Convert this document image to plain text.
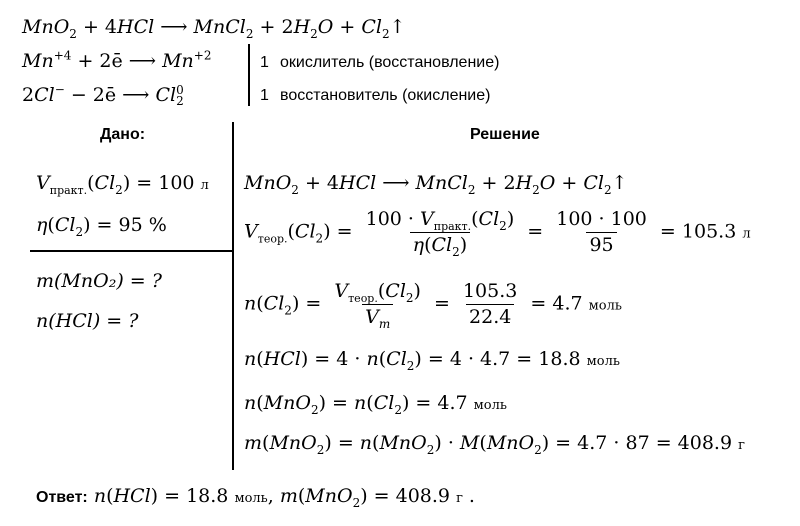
MnO$_2$ + 4HCl ⟶ MnCl$_2$ + $2H_2O$ + $Cl_2↑$
$Mn^{+4}$ + 2ē ⟶ $Mn^{+2}$	1 окислитель (восстановление)
2Cl− − 2ē ⟶ Cl0
2	1 восстановитель (окисление)
Дано:
$V_{практ.}(Cl_2) = 100$ л
$\eta(Cl_2) = 95$ %
m(MnO₂) = ?
n(HCl) = ?
Решение
MnO$_2$ + 4HCl ⟶ MnCl$_2$ + $2H_2O$ + $Cl_2↑$
$V_{теор.}(Cl_2) = \frac{100 \cdot V_{практ.}(Cl_2)}{\eta(Cl_2)} = \frac{100 \cdot 100}{95} = 105.3$ л
$n(Cl_2) = \frac{V_{теор.}(Cl_2)}{V_m} = \frac{105.3}{22.4} = 4.7$ моль
$n(HCl) = 4 \cdot n(Cl_2) = 4 \cdot 4.7 = 18.8$ моль
$n(MnO_2) = n(Cl_2) = 4.7$ моль
m(MnO$_2$) = n(MnO$_2$) · M(MnO$_2$) = 4.7 · 87 = 408.9 г
Ответ: n(HCl) = 18.8 моль, m(MnO$_2$) = 408.9 г .
